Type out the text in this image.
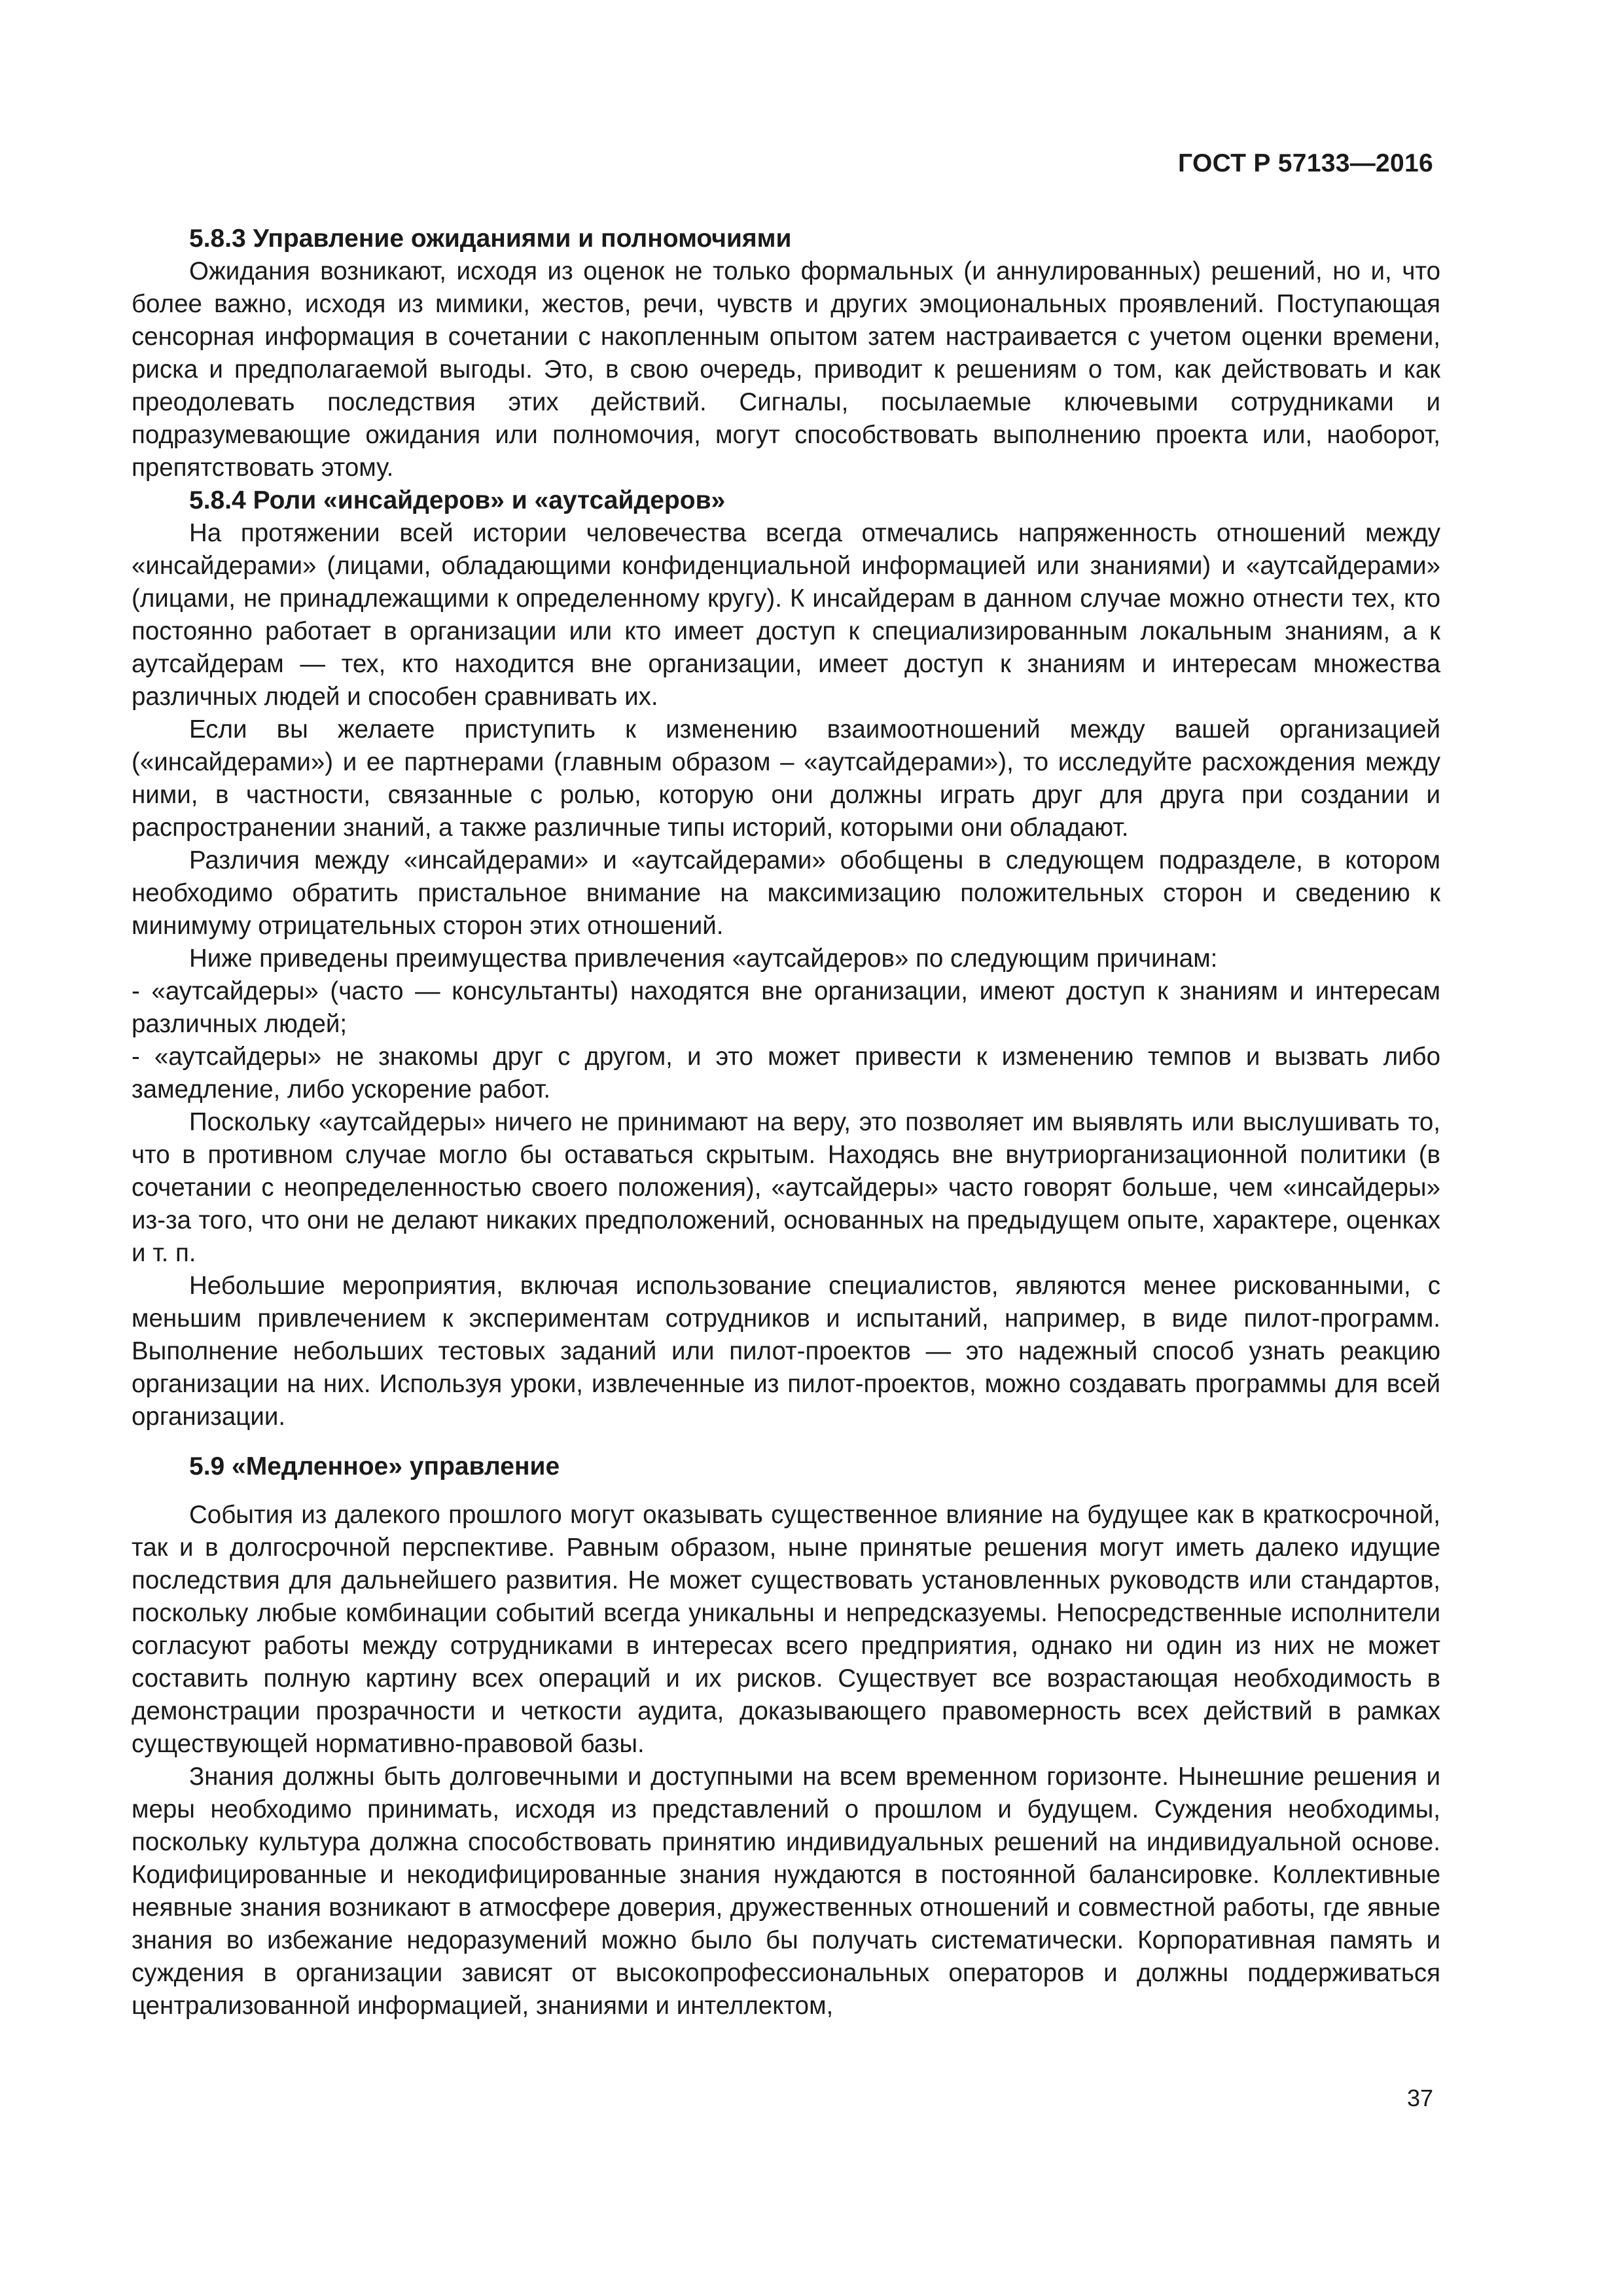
ГОСТ Р 57133—2016
5.8.3 Управление ожиданиями и полномочиями

Ожидания возникают, исходя из оценок не только формальных (и аннулированных) решений, но и, что более важно, исходя из мимики, жестов, речи, чувств и других эмоциональных проявлений. Поступающая сенсорная информация в сочетании с накопленным опытом затем настраивается с учетом оценки времени, риска и предполагаемой выгоды. Это, в свою очередь, приводит к решениям о том, как действовать и как преодолевать последствия этих действий. Сигналы, посылаемые ключевыми сотрудниками и подразумевающие ожидания или полномочия, могут способствовать выполнению проекта или, наоборот, препятствовать этому.

5.8.4 Роли «инсайдеров» и «аутсайдеров»

На протяжении всей истории человечества всегда отмечались напряженность отношений между «инсайдерами» (лицами, обладающими конфиденциальной информацией или знаниями) и «аутсайдерами» (лицами, не принадлежащими к определенному кругу). К инсайдерам в данном случае можно отнести тех, кто постоянно работает в организации или кто имеет доступ к специализированным локальным знаниям, а к аутсайдерам — тех, кто находится вне организации, имеет доступ к знаниям и интересам множества различных людей и способен сравнивать их.

Если вы желаете приступить к изменению взаимоотношений между вашей организацией («инсайдерами») и ее партнерами (главным образом – «аутсайдерами»), то исследуйте расхождения между ними, в частности, связанные с ролью, которую они должны играть друг для друга при создании и распространении знаний, а также различные типы историй, которыми они обладают.

Различия между «инсайдерами» и «аутсайдерами» обобщены в следующем подразделе, в котором необходимо обратить пристальное внимание на максимизацию положительных сторон и сведению к минимуму отрицательных сторон этих отношений.

Ниже приведены преимущества привлечения «аутсайдеров» по следующим причинам:

- «аутсайдеры» (часто — консультанты) находятся вне организации, имеют доступ к знаниям и интересам различных людей;

- «аутсайдеры» не знакомы друг с другом, и это может привести к изменению темпов и вызвать либо замедление, либо ускорение работ.

Поскольку «аутсайдеры» ничего не принимают на веру, это позволяет им выявлять или выслушивать то, что в противном случае могло бы оставаться скрытым. Находясь вне внутриорганизационной политики (в сочетании с неопределенностью своего положения), «аутсайдеры» часто говорят больше, чем «инсайдеры» из-за того, что они не делают никаких предположений, основанных на предыдущем опыте, характере, оценках и т. п.

Небольшие мероприятия, включая использование специалистов, являются менее рискованными, с меньшим привлечением к экспериментам сотрудников и испытаний, например, в виде пилот-программ. Выполнение небольших тестовых заданий или пилот-проектов — это надежный способ узнать реакцию организации на них. Используя уроки, извлеченные из пилот-проектов, можно создавать программы для всей организации.

5.9 «Медленное» управление

События из далекого прошлого могут оказывать существенное влияние на будущее как в краткосрочной, так и в долгосрочной перспективе. Равным образом, ныне принятые решения могут иметь далеко идущие последствия для дальнейшего развития. Не может существовать установленных руководств или стандартов, поскольку любые комбинации событий всегда уникальны и непредсказуемы. Непосредственные исполнители согласуют работы между сотрудниками в интересах всего предприятия, однако ни один из них не может составить полную картину всех операций и их рисков. Существует все возрастающая необходимость в демонстрации прозрачности и четкости аудита, доказывающего правомерность всех действий в рамках существующей нормативно-правовой базы.

Знания должны быть долговечными и доступными на всем временном горизонте. Нынешние решения и меры необходимо принимать, исходя из представлений о прошлом и будущем. Суждения необходимы, поскольку культура должна способствовать принятию индивидуальных решений на индивидуальной основе. Кодифицированные и некодифицированные знания нуждаются в постоянной балансировке. Коллективные неявные знания возникают в атмосфере доверия, дружественных отношений и совместной работы, где явные знания во избежание недоразумений можно было бы получать систематически. Корпоративная память и суждения в организации зависят от высокопрофессиональных операторов и должны поддерживаться централизованной информацией, знаниями и интеллектом,

37
